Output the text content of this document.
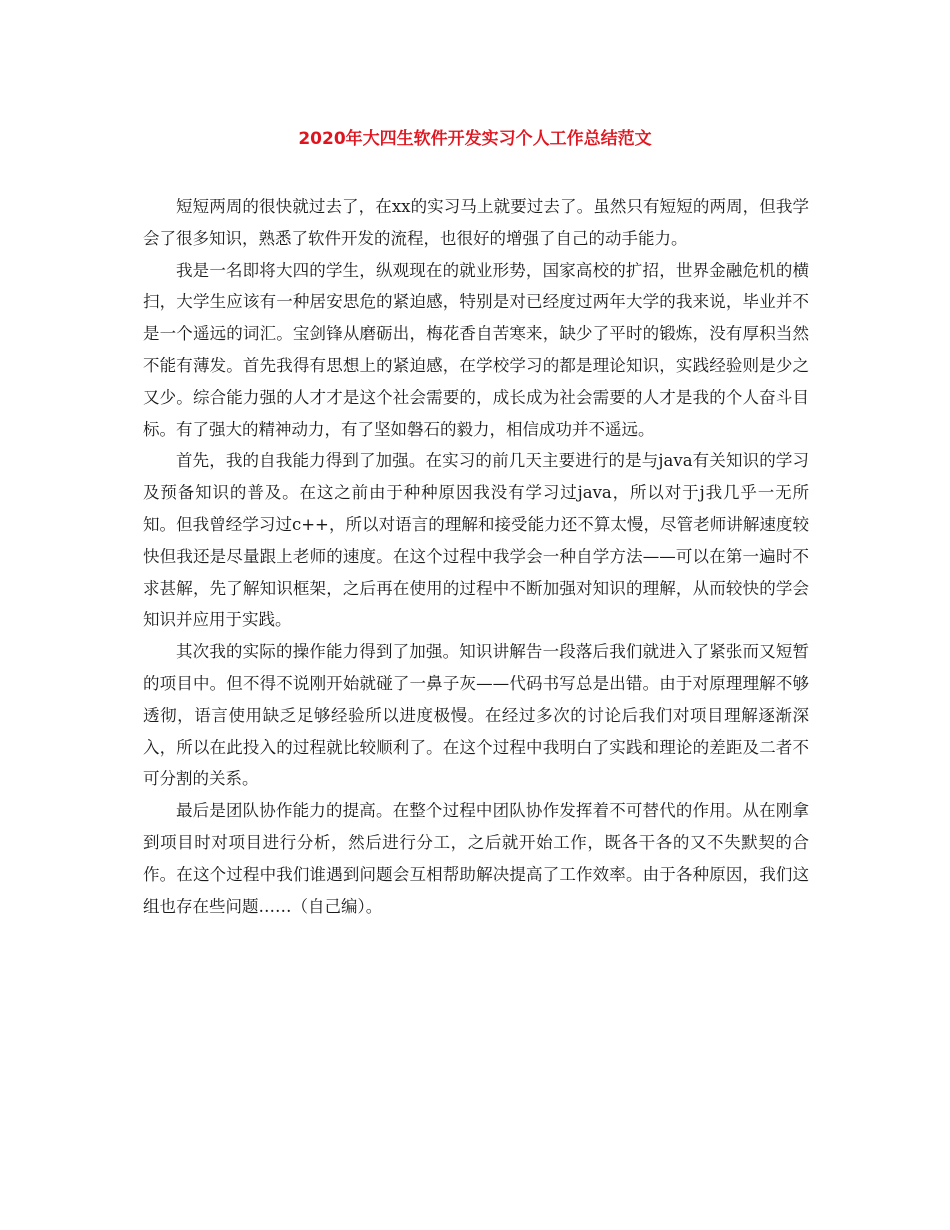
2020年大四生软件开发实习个人工作总结范文

短短两周的很快就过去了，在xx的实习马上就要过去了。虽然只有短短的两周，但我学会了很多知识，熟悉了软件开发的流程，也很好的增强了自己的动手能力。

我是一名即将大四的学生，纵观现在的就业形势，国家高校的扩招，世界金融危机的横扫，大学生应该有一种居安思危的紧迫感，特别是对已经度过两年大学的我来说，毕业并不是一个遥远的词汇。宝剑锋从磨砺出，梅花香自苦寒来，缺少了平时的锻炼，没有厚积当然不能有薄发。首先我得有思想上的紧迫感，在学校学习的都是理论知识，实践经验则是少之又少。综合能力强的人才才是这个社会需要的，成长成为社会需要的人才是我的个人奋斗目标。有了强大的精神动力，有了坚如磐石的毅力，相信成功并不遥远。

首先，我的自我能力得到了加强。在实习的前几天主要进行的是与java有关知识的学习及预备知识的普及。在这之前由于种种原因我没有学习过java，所以对于j我几乎一无所知。但我曾经学习过c++，所以对语言的理解和接受能力还不算太慢，尽管老师讲解速度较快但我还是尽量跟上老师的速度。在这个过程中我学会一种自学方法——可以在第一遍时不求甚解，先了解知识框架，之后再在使用的过程中不断加强对知识的理解，从而较快的学会知识并应用于实践。

其次我的实际的操作能力得到了加强。知识讲解告一段落后我们就进入了紧张而又短暂的项目中。但不得不说刚开始就碰了一鼻子灰——代码书写总是出错。由于对原理理解不够透彻，语言使用缺乏足够经验所以进度极慢。在经过多次的讨论后我们对项目理解逐渐深入，所以在此投入的过程就比较顺利了。在这个过程中我明白了实践和理论的差距及二者不可分割的关系。

最后是团队协作能力的提高。在整个过程中团队协作发挥着不可替代的作用。从在刚拿到项目时对项目进行分析，然后进行分工，之后就开始工作，既各干各的又不失默契的合作。在这个过程中我们谁遇到问题会互相帮助解决提高了工作效率。由于各种原因，我们这组也存在些问题……（自己编）。
